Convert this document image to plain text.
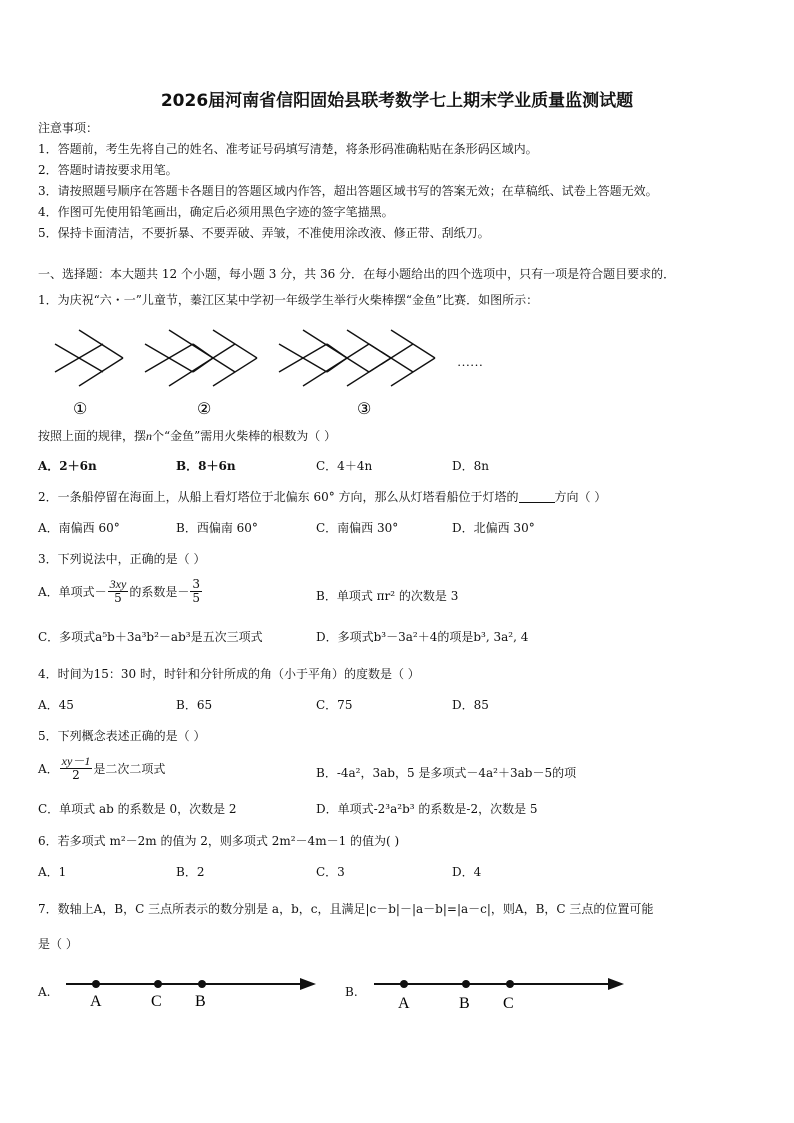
2026届河南省信阳固始县联考数学七上期末学业质量监测试题
注意事项：
1．答题前，考生先将自己的姓名、准考证号码填写清楚，将条形码准确粘贴在条形码区域内。
2．答题时请按要求用笔。
3．请按照题号顺序在答题卡各题目的答题区域内作答，超出答题区域书写的答案无效；在草稿纸、试卷上答题无效。
4．作图可先使用铅笔画出，确定后必须用黑色字迹的签字笔描黑。
5．保持卡面清洁，不要折暴、不要弄破、弄皱，不准使用涂改液、修正带、刮纸刀。
一、选择题：本大题共 12 个小题，每小题 3 分，共 36 分．在每小题给出的四个选项中，只有一项是符合题目要求的．
1．为庆祝“六・一”儿童节，蓁江区某中学初一年级学生举行火柴棒摆“金鱼”比赛．如图所示：
……
①	②	③
按照上面的规律，摆n个“金鱼”需用火柴棒的根数为（ ）
A．2＋6n	B．8＋6n	C．4＋4n	D．8n
2．一条船停留在海面上，从船上看灯塔位于北偏东 60° 方向，那么从灯塔看船位于灯塔的	方向（ ）
A．南偏西 60°	B．西偏南 60°	C．南偏西 30°	D．北偏西 30°
3．下列说法中，正确的是（ ）
A．单项式－ $\frac{3xy}{5}$ 的系数是－ $\frac{3}{5}$	B．单项式 πr² 的次数是 3
C．多项式a⁵b＋3a³b²－ab³是五次三项式	D．多项式b³－3a²＋4的项是b³, 3a², 4
4．时间为15：30 时，时针和分针所成的角（小于平角）的度数是（ ）
A．45	B．65	C．75	D．85
5．下列概念表述正确的是（ ）
A． $\frac{xy-1}{2}$ 是二次二项式	B．-4a²，3ab，5 是多项式－4a²＋3ab－5的项
C．单项式 ab 的系数是 0，次数是 2	D．单项式-2³a²b³ 的系数是-2，次数是 5
6．若多项式 m²－2m 的值为 2，则多项式 2m²－4m－1 的值为( )
A．1	B．2	C．3	D．4
7．数轴上A，B，C 三点所表示的数分别是 a，b，c，且满足|c－b|－|a－b|=|a－c|，则A，B，C 三点的位置可能
是（ ）
A.
A	C B
B.
A	B C
